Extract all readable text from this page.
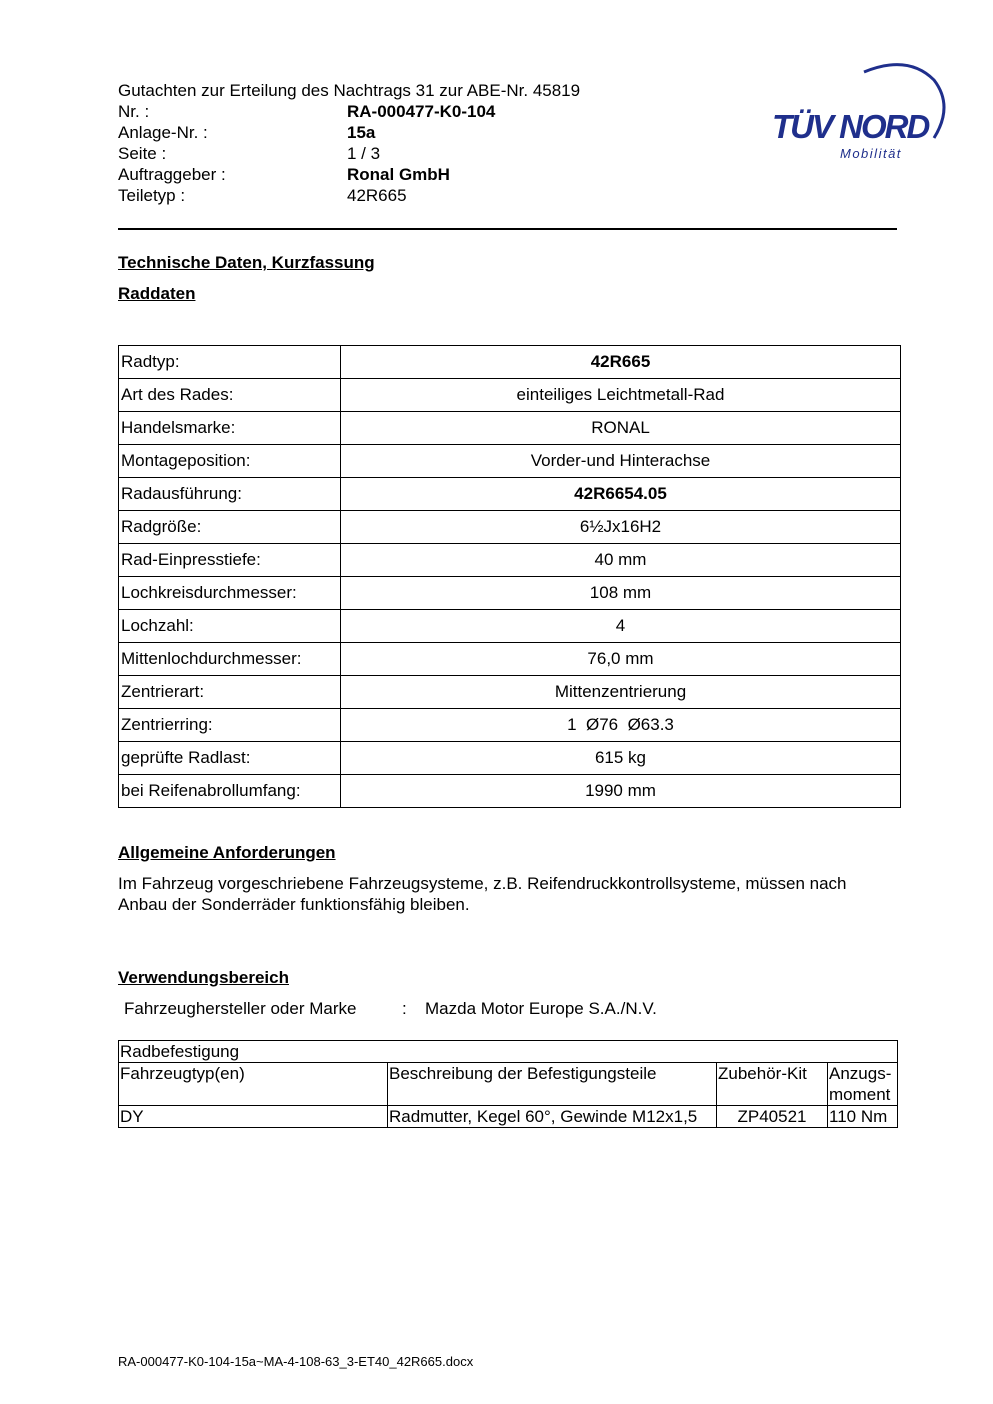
Gutachten zur Erteilung des Nachtrags 31 zur ABE-Nr. 45819
Nr. :	RA-000477-K0-104
Anlage-Nr. :	15a
Seite :	1 / 3
Auftraggeber :	Ronal GmbH
Teiletyp :	42R665
TÜV NORD
Mobilität
Technische Daten, Kurzfassung
Raddaten
Radtyp:	42R665
Art des Rades:	einteiliges Leichtmetall-Rad
Handelsmarke:	RONAL
Montageposition:	Vorder-und Hinterachse
Radausführung:	42R6654.05
Radgröße:	6½Jx16H2
Rad-Einpresstiefe:	40 mm
Lochkreisdurchmesser:	108 mm
Lochzahl:	4
Mittenlochdurchmesser:	76,0 mm
Zentrierart:	Mittenzentrierung
Zentrierring:	1  Ø76  Ø63.3
geprüfte Radlast:	615 kg
bei Reifenabrollumfang:	1990 mm
Allgemeine Anforderungen
Im Fahrzeug vorgeschriebene Fahrzeugsysteme, z.B. Reifendruckkontrollsysteme, müssen nach Anbau der Sonderräder funktionsfähig bleiben.
Verwendungsbereich
Fahrzeughersteller oder Marke	:	Mazda Motor Europe S.A./N.V.
Radbefestigung			
Fahrzeugtyp(en)	Beschreibung der Befestigungsteile	Zubehör-Kit	Anzugs-moment
DY	Radmutter, Kegel 60°, Gewinde M12x1,5	ZP40521	110 Nm
RA-000477-K0-104-15a~MA-4-108-63_3-ET40_42R665.docx
